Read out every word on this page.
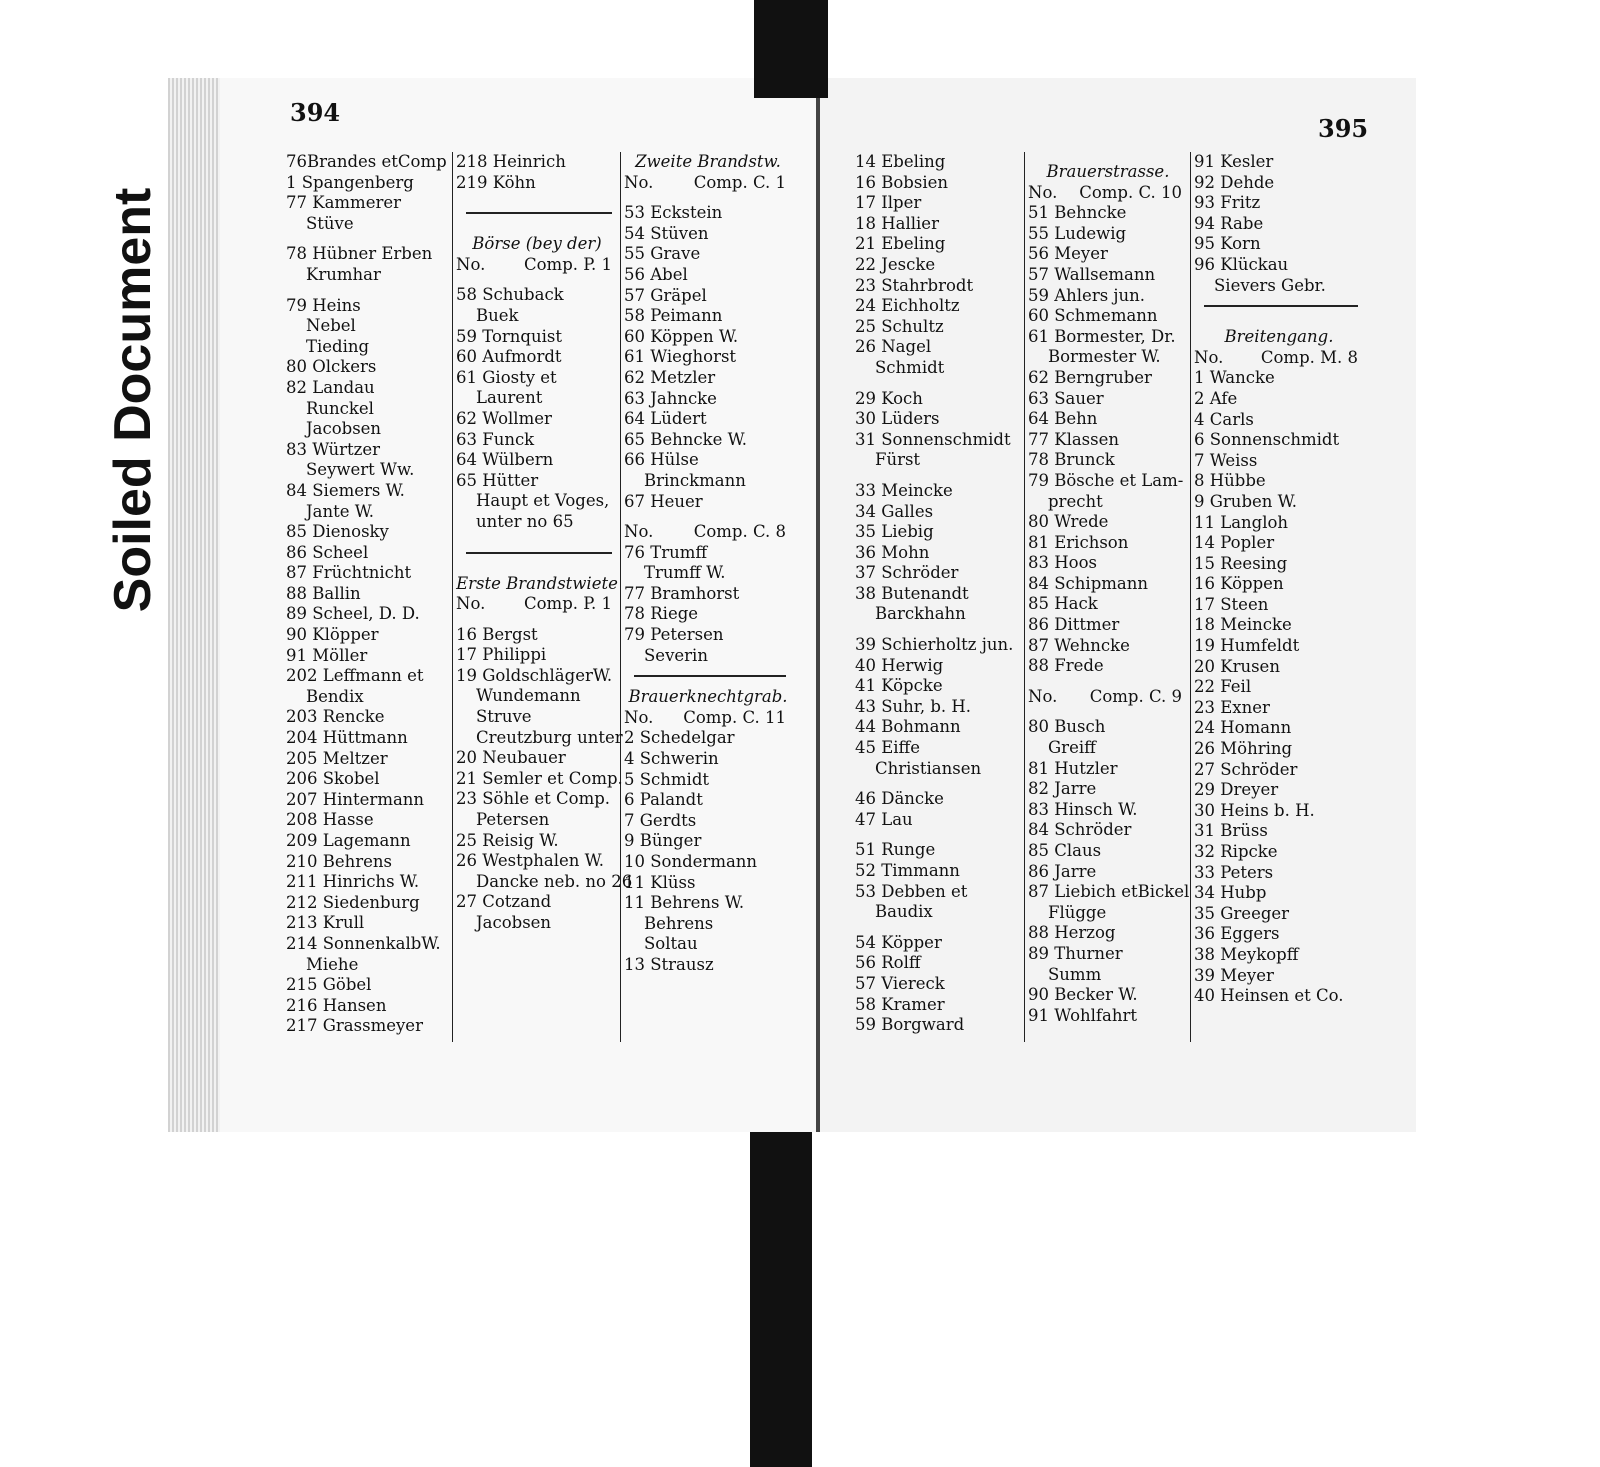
Soiled Document
394
395
76Brandes etComp
1 Spangenberg
77 Kammerer
Stüve
78 Hübner Erben
Krumhar
79 Heins
Nebel
Tieding
80 Olckers
82 Landau
Runckel
Jacobsen
83 Würtzer
Seywert Ww.
84 Siemers W.
Jante W.
85 Dienosky
86 Scheel
87 Früchtnicht
88 Ballin
89 Scheel, D. D.
90 Klöpper
91 Möller
202 Leffmann et
Bendix
203 Rencke
204 Hüttmann
205 Meltzer
206 Skobel
207 Hintermann
208 Hasse
209 Lagemann
210 Behrens
211 Hinrichs W.
212 Siedenburg
213 Krull
214 SonnenkalbW.
Miehe
215 Göbel
216 Hansen
217 Grassmeyer
218 Heinrich
219 Köhn
Börse (bey der)
No. Comp. P. 1
58 Schuback
Buek
59 Tornquist
60 Aufmordt
61 Giosty et
Laurent
62 Wollmer
63 Funck
64 Wülbern
65 Hütter
Haupt et Voges,
unter no 65
Erste Brandstwiete
No. Comp. P. 1
16 Bergst
17 Philippi
19 GoldschlägerW.
Wundemann
Struve
Creutzburg unter
20 Neubauer
21 Semler et Comp.
23 Söhle et Comp.
Petersen
25 Reisig W.
26 Westphalen W.
Dancke neb. no 26
27 Cotzand
Jacobsen
Zweite Brandstw.
No. Comp. C. 1
53 Eckstein
54 Stüven
55 Grave
56 Abel
57 Gräpel
58 Peimann
60 Köppen W.
61 Wieghorst
62 Metzler
63 Jahncke
64 Lüdert
65 Behncke W.
66 Hülse
Brinckmann
67 Heuer
No. Comp. C. 8
76 Trumff
Trumff W.
77 Bramhorst
78 Riege
79 Petersen
Severin
Brauerknechtgrab.
No. Comp. C. 11
2 Schedelgar
4 Schwerin
5 Schmidt
6 Palandt
7 Gerdts
9 Bünger
10 Sondermann
11 Klüss
11 Behrens W.
Behrens
Soltau
13 Strausz
14 Ebeling
16 Bobsien
17 Ilper
18 Hallier
21 Ebeling
22 Jescke
23 Stahrbrodt
24 Eichholtz
25 Schultz
26 Nagel
Schmidt
29 Koch
30 Lüders
31 Sonnenschmidt
Fürst
33 Meincke
34 Galles
35 Liebig
36 Mohn
37 Schröder
38 Butenandt
Barckhahn
39 Schierholtz jun.
40 Herwig
41 Köpcke
43 Suhr, b. H.
44 Bohmann
45 Eiffe
Christiansen
46 Däncke
47 Lau
51 Runge
52 Timmann
53 Debben et
Baudix
54 Köpper
56 Rolff
57 Viereck
58 Kramer
59 Borgward
Brauerstrasse.
No. Comp. C. 10
51 Behncke
55 Ludewig
56 Meyer
57 Wallsemann
59 Ahlers jun.
60 Schmemann
61 Bormester, Dr.
Bormester W.
62 Berngruber
63 Sauer
64 Behn
77 Klassen
78 Brunck
79 Bösche et Lam-
precht
80 Wrede
81 Erichson
83 Hoos
84 Schipmann
85 Hack
86 Dittmer
87 Wehncke
88 Frede
No. Comp. C. 9
80 Busch
Greiff
81 Hutzler
82 Jarre
83 Hinsch W.
84 Schröder
85 Claus
86 Jarre
87 Liebich etBickel
Flügge
88 Herzog
89 Thurner
Summ
90 Becker W.
91 Wohlfahrt
91 Kesler
92 Dehde
93 Fritz
94 Rabe
95 Korn
96 Klückau
Sievers Gebr.
Breitengang.
No. Comp. M. 8
1 Wancke
2 Afe
4 Carls
6 Sonnenschmidt
7 Weiss
8 Hübbe
9 Gruben W.
11 Langloh
14 Popler
15 Reesing
16 Köppen
17 Steen
18 Meincke
19 Humfeldt
20 Krusen
22 Feil
23 Exner
24 Homann
26 Möhring
27 Schröder
29 Dreyer
30 Heins b. H.
31 Brüss
32 Ripcke
33 Peters
34 Hubp
35 Greeger
36 Eggers
38 Meykopff
39 Meyer
40 Heinsen et Co.
